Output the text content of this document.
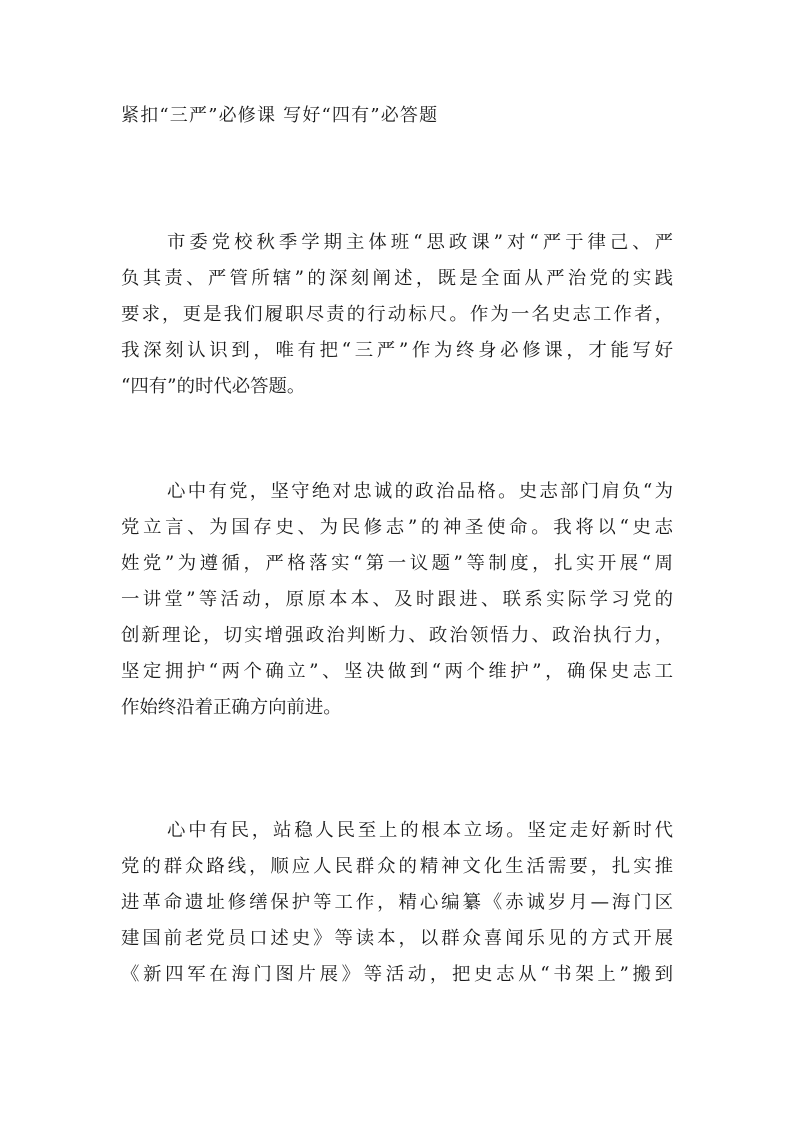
紧扣“三严”必修课 写好“四有”必答题
市委党校秋季学期主体班“思政课”对“严于律己、严
负其责、严管所辖”的深刻阐述，既是全面从严治党的实践
要求，更是我们履职尽责的行动标尺。作为一名史志工作者，
我深刻认识到，唯有把“三严”作为终身必修课，才能写好
“四有”的时代必答题。
心中有党，坚守绝对忠诚的政治品格。史志部门肩负“为
党立言、为国存史、为民修志”的神圣使命。我将以“史志
姓党”为遵循，严格落实“第一议题”等制度，扎实开展“周
一讲堂”等活动，原原本本、及时跟进、联系实际学习党的
创新理论，切实增强政治判断力、政治领悟力、政治执行力，
坚定拥护“两个确立”、坚决做到“两个维护”，确保史志工
作始终沿着正确方向前进。
心中有民，站稳人民至上的根本立场。坚定走好新时代
党的群众路线，顺应人民群众的精神文化生活需要，扎实推
进革命遗址修缮保护等工作，精心编纂《赤诚岁月—海门区
建国前老党员口述史》等读本，以群众喜闻乐见的方式开展
《新四军在海门图片展》等活动，把史志从“书架上”搬到
